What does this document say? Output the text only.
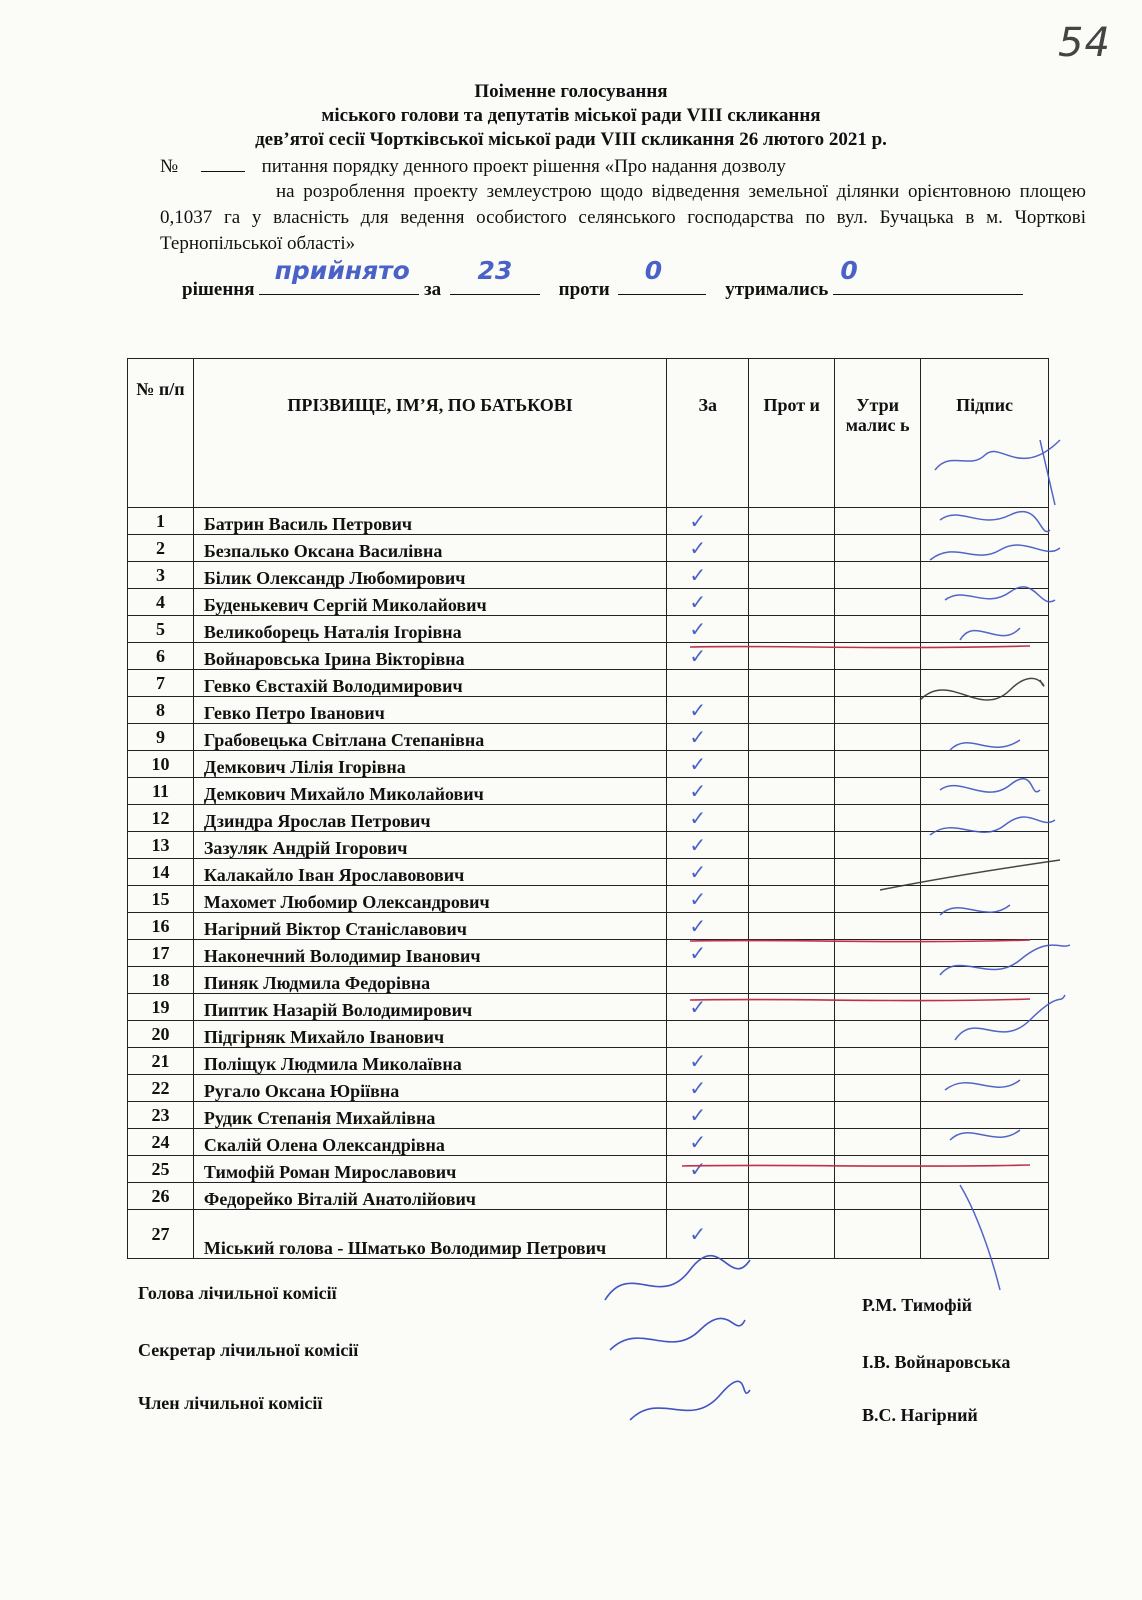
54
Поіменне голосування
міського голови та депутатів міської ради VIII скликання
дев’ятої сесії Чортківської міської ради VIII скликання 26 лютого 2021 р.
№	питання порядку денного проект рішення «Про надання дозволу
на розроблення проекту землеустрою щодо відведення земельної ділянки орієнтовною площею 0,1037 га у власність для ведення особистого селянського господарства по вул. Бучацька в м. Чорткові Тернопільської області»
рішення
прийнято
за
23
проти
0
утримались
0
№ п/п	ПРІЗВИЩЕ, ІМ’Я, ПО БАТЬКОВІ	За	Прот и	Утри малис ь	Підпис
1	Батрин Василь Петрович	✓			
2	Безпалько Оксана Василівна	✓			
3	Білик Олександр Любомирович	✓			
4	Буденькевич Сергій Миколайович	✓			
5	Великоборець Наталія Ігорівна	✓			
6	Войнаровська Ірина Вікторівна	✓			
7	Гевко Євстахій Володимирович				
8	Гевко Петро Іванович	✓			
9	Грабовецька Світлана Степанівна	✓			
10	Демкович Лілія Ігорівна	✓			
11	Демкович Михайло Миколайович	✓			
12	Дзиндра Ярослав Петрович	✓			
13	Зазуляк Андрій Ігорович	✓			
14	Калакайло Іван Ярославовович	✓			
15	Махомет Любомир Олександрович	✓			
16	Нагірний Віктор Станіславович	✓			
17	Наконечний Володимир Іванович	✓			
18	Пиняк Людмила Федорівна				
19	Пиптик Назарій Володимирович	✓			
20	Підгірняк Михайло Іванович				
21	Поліщук Людмила Миколаївна	✓			
22	Ругало Оксана Юріївна	✓			
23	Рудик Степанія Михайлівна	✓			
24	Скалій Олена Олександрівна	✓			
25	Тимофій Роман Мирославович	✓			
26	Федорейко Віталій Анатолійович				
27	Міський голова - Шматько Володимир Петрович	✓			
Голова лічильної комісії
Р.М. Тимофій
Секретар лічильної комісії
І.В. Войнаровська
Член лічильної комісії
В.С. Нагірний
